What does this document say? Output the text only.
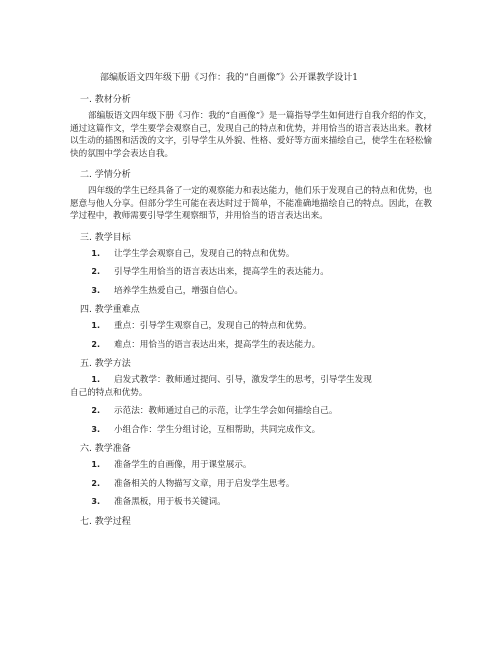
部编版语文四年级下册《习作：我的“自画像”》公开课教学设计1
一. 教材分析

部编版语文四年级下册《习作：我的“自画像”》是一篇指导学生如何进行自我介绍的作文，通过这篇作文，学生要学会观察自己，发现自己的特点和优势，并用恰当的语言表达出来。教材以生动的插图和活泼的文字，引导学生从外貌、性格、爱好等方面来描绘自己，使学生在轻松愉快的氛围中学会表达自我。

二. 学情分析

四年级的学生已经具备了一定的观察能力和表达能力，他们乐于发现自己的特点和优势，也愿意与他人分享。但部分学生可能在表达时过于简单，不能准确地描绘自己的特点。因此，在教学过程中，教师需要引导学生观察细节，并用恰当的语言表达出来。

三. 教学目标
1.	让学生学会观察自己，发现自己的特点和优势。
2.	引导学生用恰当的语言表达出来，提高学生的表达能力。
3.	培养学生热爱自己，增强自信心。
四. 教学重难点
1.	重点：引导学生观察自己，发现自己的特点和优势。
2.	难点：用恰当的语言表达出来，提高学生的表达能力。
五. 教学方法
1. 启发式教学：教师通过提问、引导，激发学生的思考，引导学生发现
自己的特点和优势。
2.	示范法：教师通过自己的示范，让学生学会如何描绘自己。
3.	小组合作：学生分组讨论，互相帮助，共同完成作文。
六. 教学准备
1.	准备学生的自画像，用于课堂展示。
2.	准备相关的人物描写文章，用于启发学生思考。
3.	准备黑板，用于板书关键词。
七. 教学过程
